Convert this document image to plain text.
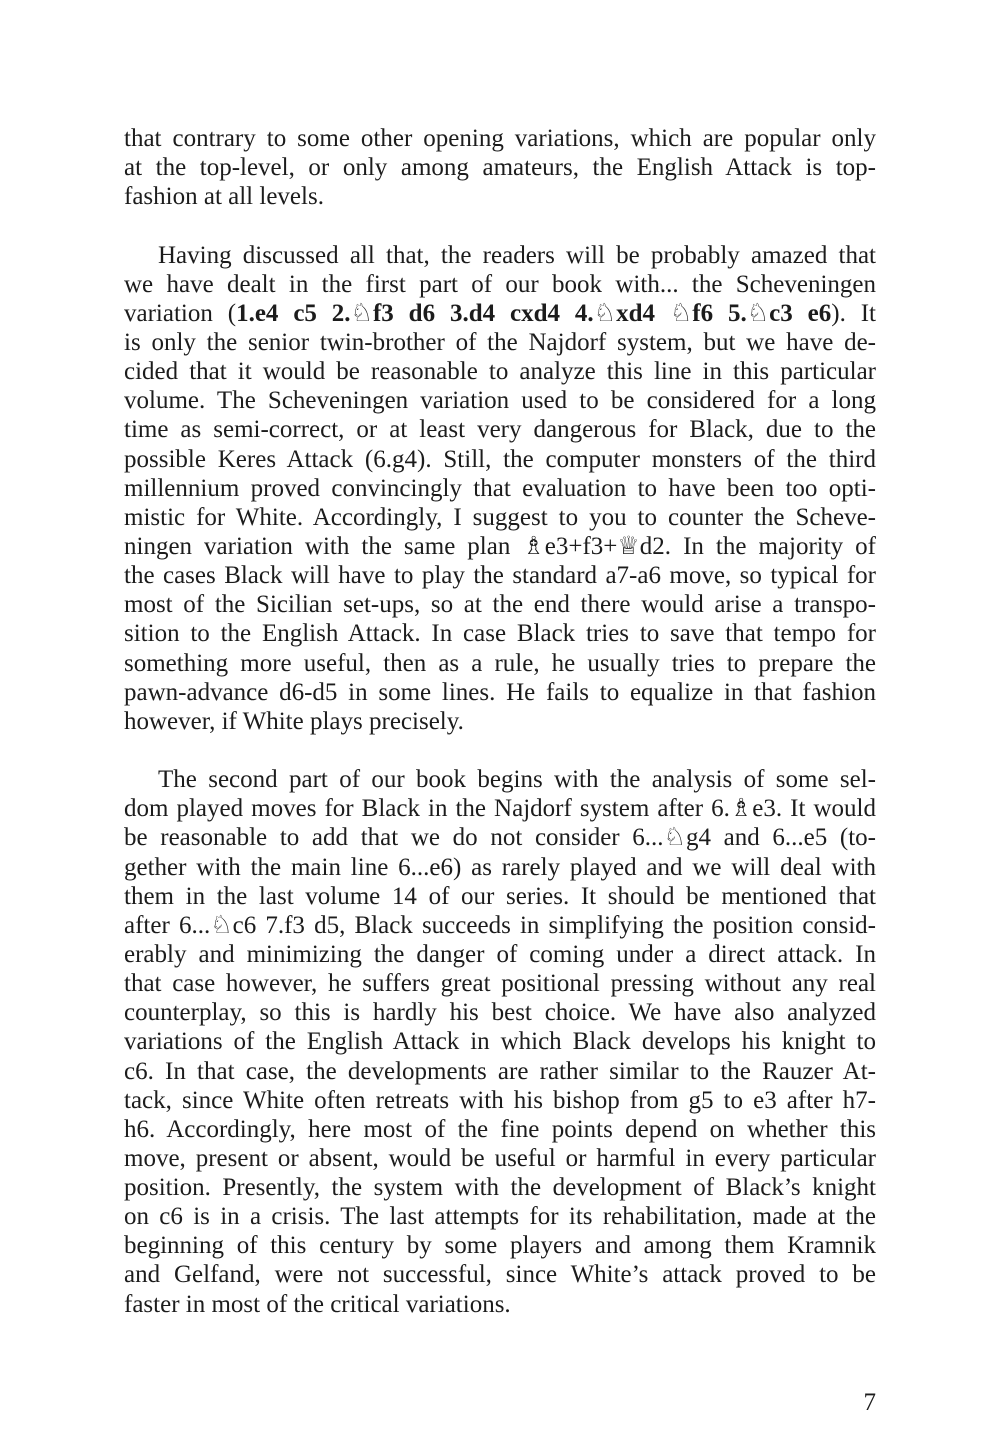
that contrary to some other opening variations, which are popular only
at the top-level, or only among amateurs, the English Attack is top-
fashion at all levels.
Having discussed all that, the readers will be probably amazed that
we have dealt in the first part of our book with... the Scheveningen
variation (1.e4 c5 2.♘f3 d6 3.d4 cxd4 4.♘xd4 ♘f6 5.♘c3 e6). It
is only the senior twin-brother of the Najdorf system, but we have de-
cided that it would be reasonable to analyze this line in this particular
volume. The Scheveningen variation used to be considered for a long
time as semi-correct, or at least very dangerous for Black, due to the
possible Keres Attack (6.g4). Still, the computer monsters of the third
millennium proved convincingly that evaluation to have been too opti-
mistic for White. Accordingly, I suggest to you to counter the Scheve-
ningen variation with the same plan ♗e3+f3+♕d2. In the majority of
the cases Black will have to play the standard a7-a6 move, so typical for
most of the Sicilian set-ups, so at the end there would arise a transpo-
sition to the English Attack. In case Black tries to save that tempo for
something more useful, then as a rule, he usually tries to prepare the
pawn-advance d6-d5 in some lines. He fails to equalize in that fashion
however, if White plays precisely.
The second part of our book begins with the analysis of some sel-
dom played moves for Black in the Najdorf system after 6.♗e3. It would
be reasonable to add that we do not consider 6...♘g4 and 6...e5 (to-
gether with the main line 6...e6) as rarely played and we will deal with
them in the last volume 14 of our series. It should be mentioned that
after 6...♘c6 7.f3 d5, Black succeeds in simplifying the position consid-
erably and minimizing the danger of coming under a direct attack. In
that case however, he suffers great positional pressing without any real
counterplay, so this is hardly his best choice. We have also analyzed
variations of the English Attack in which Black develops his knight to
c6. In that case, the developments are rather similar to the Rauzer At-
tack, since White often retreats with his bishop from g5 to e3 after h7-
h6. Accordingly, here most of the fine points depend on whether this
move, present or absent, would be useful or harmful in every particular
position. Presently, the system with the development of Black’s knight
on c6 is in a crisis. The last attempts for its rehabilitation, made at the
beginning of this century by some players and among them Kramnik
and Gelfand, were not successful, since White’s attack proved to be
faster in most of the critical variations.
7
